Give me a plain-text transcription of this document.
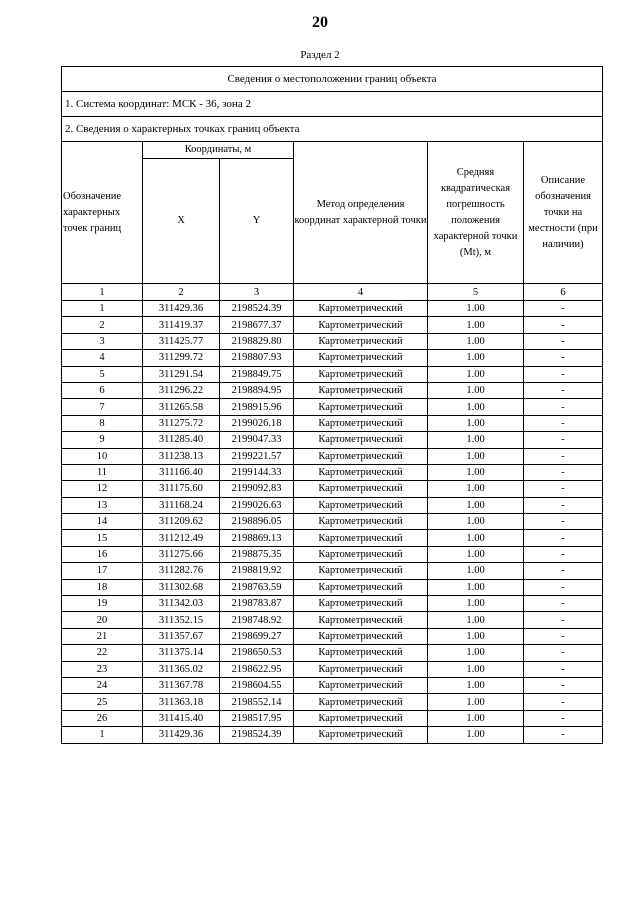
20
Раздел 2
Сведения о местоположении границ объекта					
1. Система координат: МСК - 36, зона 2					
2. Сведения о характерных точках границ объекта					
Обозначение характерных точек границ	Координаты, м		Метод определения координат характерной точки	Средняя квадратическая погрешность положения характерной точки (Mt), м	Описание обозначения точки на местности (при наличии)
	X	Y			
1	2	3	4	5	6
1	311429.36	2198524.39	Картометрический	1.00	-
2	311419.37	2198677.37	Картометрический	1.00	-
3	311425.77	2198829.80	Картометрический	1.00	-
4	311299.72	2198807.93	Картометрический	1.00	-
5	311291.54	2198849.75	Картометрический	1.00	-
6	311296.22	2198894.95	Картометрический	1.00	-
7	311265.58	2198915.96	Картометрический	1.00	-
8	311275.72	2199026.18	Картометрический	1.00	-
9	311285.40	2199047.33	Картометрический	1.00	-
10	311238.13	2199221.57	Картометрический	1.00	-
11	311166.40	2199144.33	Картометрический	1.00	-
12	311175.60	2199092.83	Картометрический	1.00	-
13	311168.24	2199026.63	Картометрический	1.00	-
14	311209.62	2198896.05	Картометрический	1.00	-
15	311212.49	2198869.13	Картометрический	1.00	-
16	311275.66	2198875.35	Картометрический	1.00	-
17	311282.76	2198819.92	Картометрический	1.00	-
18	311302.68	2198763.59	Картометрический	1.00	-
19	311342.03	2198783.87	Картометрический	1.00	-
20	311352.15	2198748.92	Картометрический	1.00	-
21	311357.67	2198699.27	Картометрический	1.00	-
22	311375.14	2198650.53	Картометрический	1.00	-
23	311365.02	2198622.95	Картометрический	1.00	-
24	311367.78	2198604.55	Картометрический	1.00	-
25	311363.18	2198552.14	Картометрический	1.00	-
26	311415.40	2198517.95	Картометрический	1.00	-
1	311429.36	2198524.39	Картометрический	1.00	-
